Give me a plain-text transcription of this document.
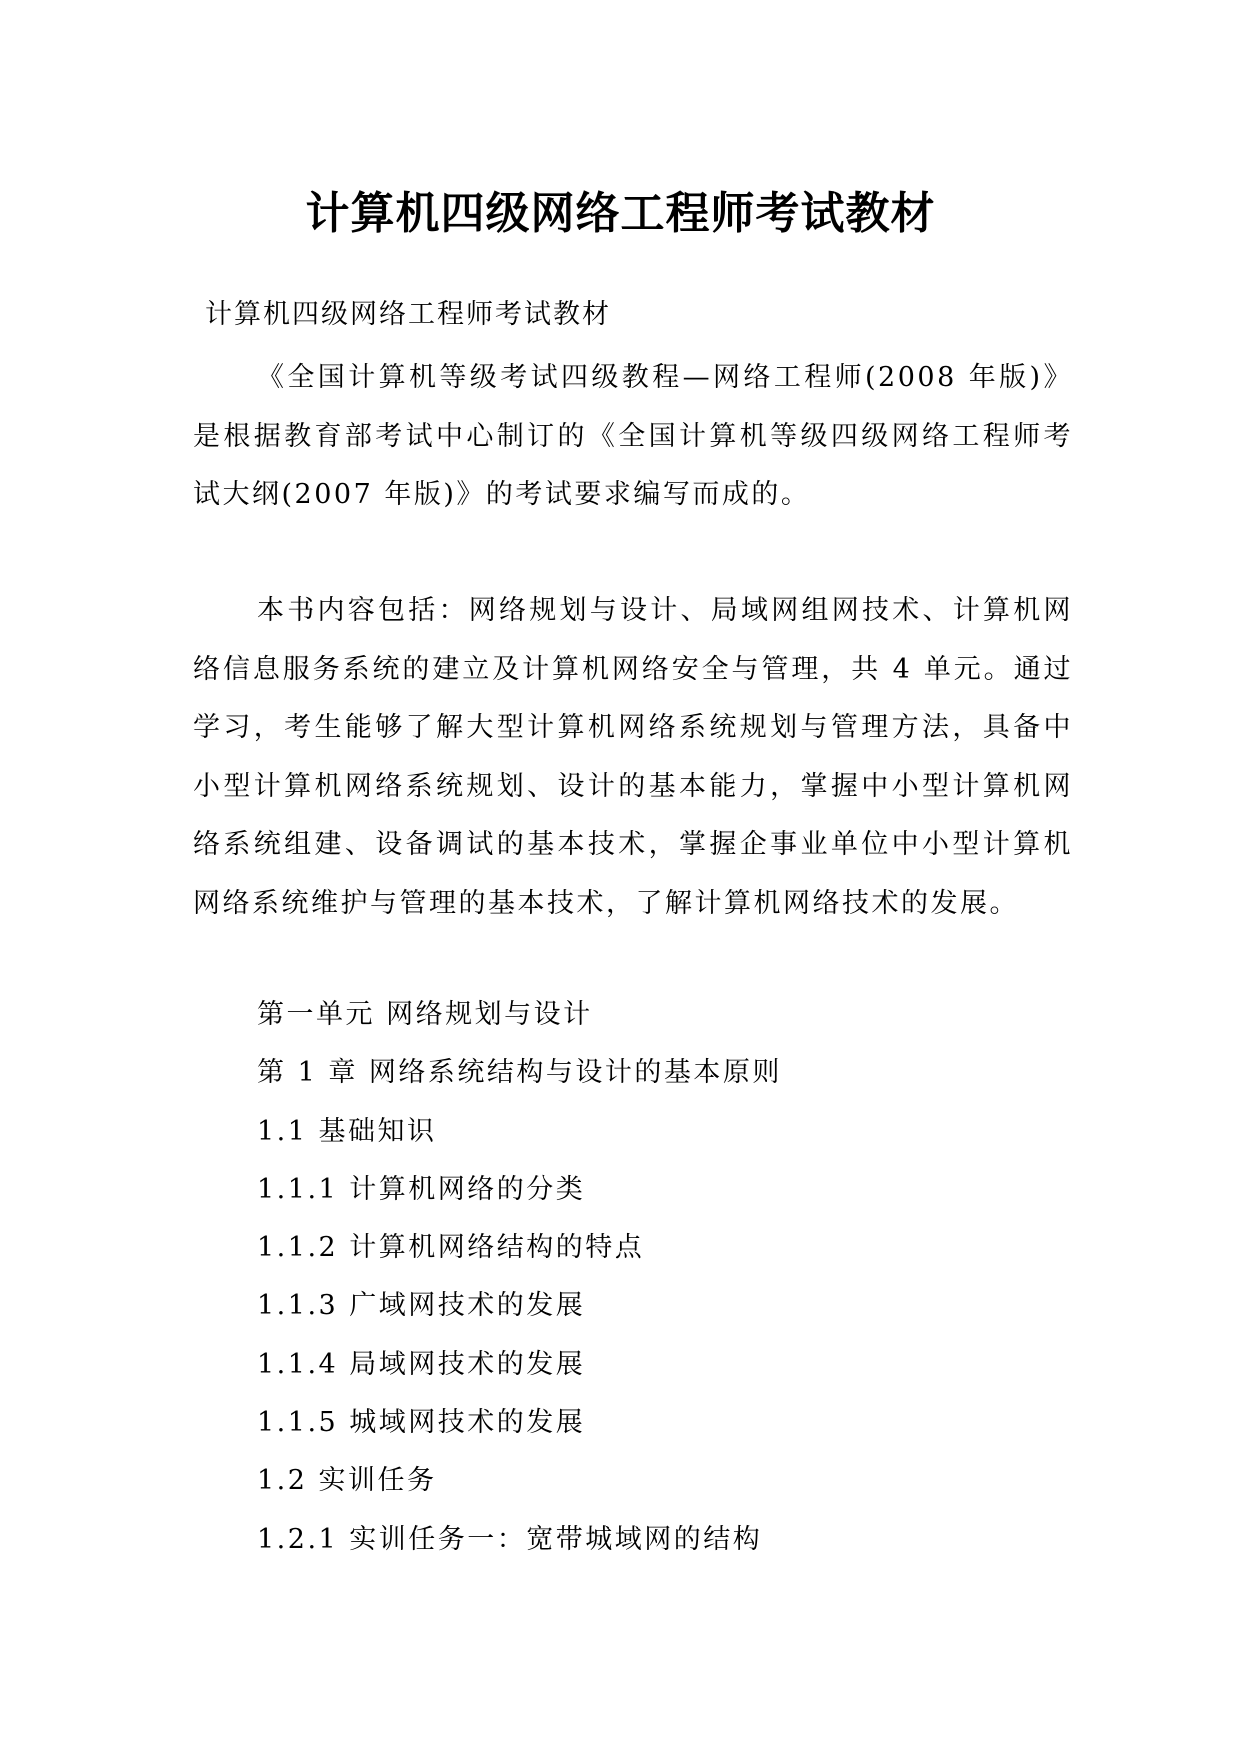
计算机四级网络工程师考试教材
计算机四级网络工程师考试教材

《全国计算机等级考试四级教程—网络工程师(2008 年版)》是根据教育部考试中心制订的《全国计算机等级四级网络工程师考试大纲(2007 年版)》的考试要求编写而成的。

本书内容包括：网络规划与设计、局域网组网技术、计算机网络信息服务系统的建立及计算机网络安全与管理，共 4 单元。通过学习，考生能够了解大型计算机网络系统规划与管理方法，具备中小型计算机网络系统规划、设计的基本能力，掌握中小型计算机网络系统组建、设备调试的基本技术，掌握企事业单位中小型计算机网络系统维护与管理的基本技术，了解计算机网络技术的发展。

第一单元 网络规划与设计
第 1 章 网络系统结构与设计的基本原则
1.1 基础知识
1.1.1 计算机网络的分类
1.1.2 计算机网络结构的特点
1.1.3 广域网技术的发展
1.1.4 局域网技术的发展
1.1.5 城域网技术的发展
1.2 实训任务
1.2.1 实训任务一：宽带城域网的结构
